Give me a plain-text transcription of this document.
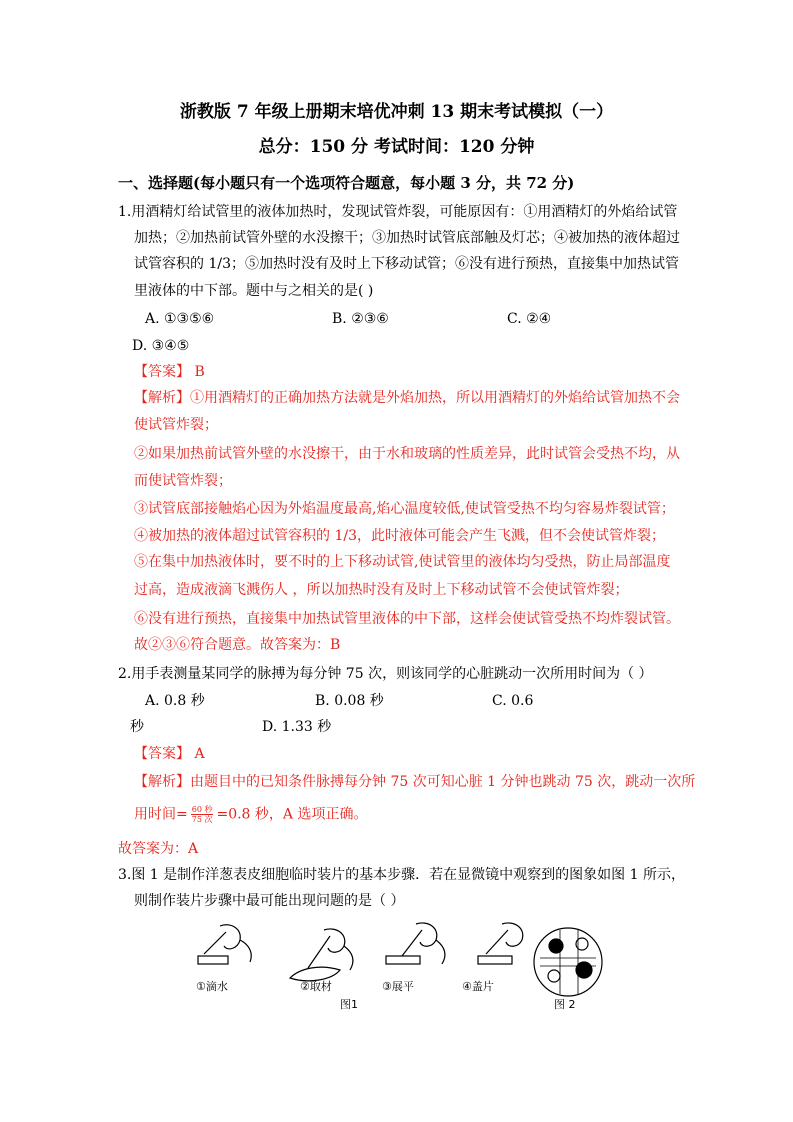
浙教版 7 年级上册期末培优冲刺 13 期末考试模拟（一）
总分：150 分 考试时间：120 分钟
一、选择题(每小题只有一个选项符合题意，每小题 3 分，共 72 分)
1.用酒精灯给试管里的液体加热时，发现试管炸裂，可能原因有：①用酒精灯的外焰给试管
加热；②加热前试管外壁的水没擦干；③加热时试管底部触及灯芯；④被加热的液体超过
试管容积的 1/3；⑤加热时没有及时上下移动试管；⑥没有进行预热，直接集中加热试管
里液体的中下部。题中与之相关的是( )
A. ①③⑤⑥	B. ②③⑥	C. ②④
D. ③④⑤
【答案】 B
【解析】①用酒精灯的正确加热方法就是外焰加热，所以用酒精灯的外焰给试管加热不会
使试管炸裂；
②如果加热前试管外壁的水没擦干，由于水和玻璃的性质差异，此时试管会受热不均，从
而使试管炸裂；
③试管底部接触焰心因为外焰温度最高,焰心温度较低,使试管受热不均匀容易炸裂试管；
④被加热的液体超过试管容积的 1/3，此时液体可能会产生飞溅，但不会使试管炸裂；
⑤在集中加热液体时，要不时的上下移动试管,使试管里的液体均匀受热，防止局部温度
过高，造成液滴飞溅伤人 ，所以加热时没有及时上下移动试管不会使试管炸裂；
⑥没有进行预热，直接集中加热试管里液体的中下部，这样会使试管受热不均炸裂试管。
故②③⑥符合题意。故答案为：B
2.用手表测量某同学的脉搏为每分钟 75 次，则该同学的心脏跳动一次所用时间为（ ）
A. 0.8 秒	B. 0.08 秒	C. 0.6
秒	D. 1.33 秒
【答案】 A
【解析】由题目中的已知条件脉搏每分钟 75 次可知心脏 1 分钟也跳动 75 次，跳动一次所
用时间= $\frac{\text{60 秒}}{\text{75 次}} =0.8$ 秒，A 选项正确。
故答案为：A
3.图 1 是制作洋葱表皮细胞临时装片的基本步骤．若在显微镜中观察到的图象如图 1 所示，
则制作装片步骤中最可能出现问题的是（ ）
①滴水	②取材	③展平	④盖片
图1	图 2
